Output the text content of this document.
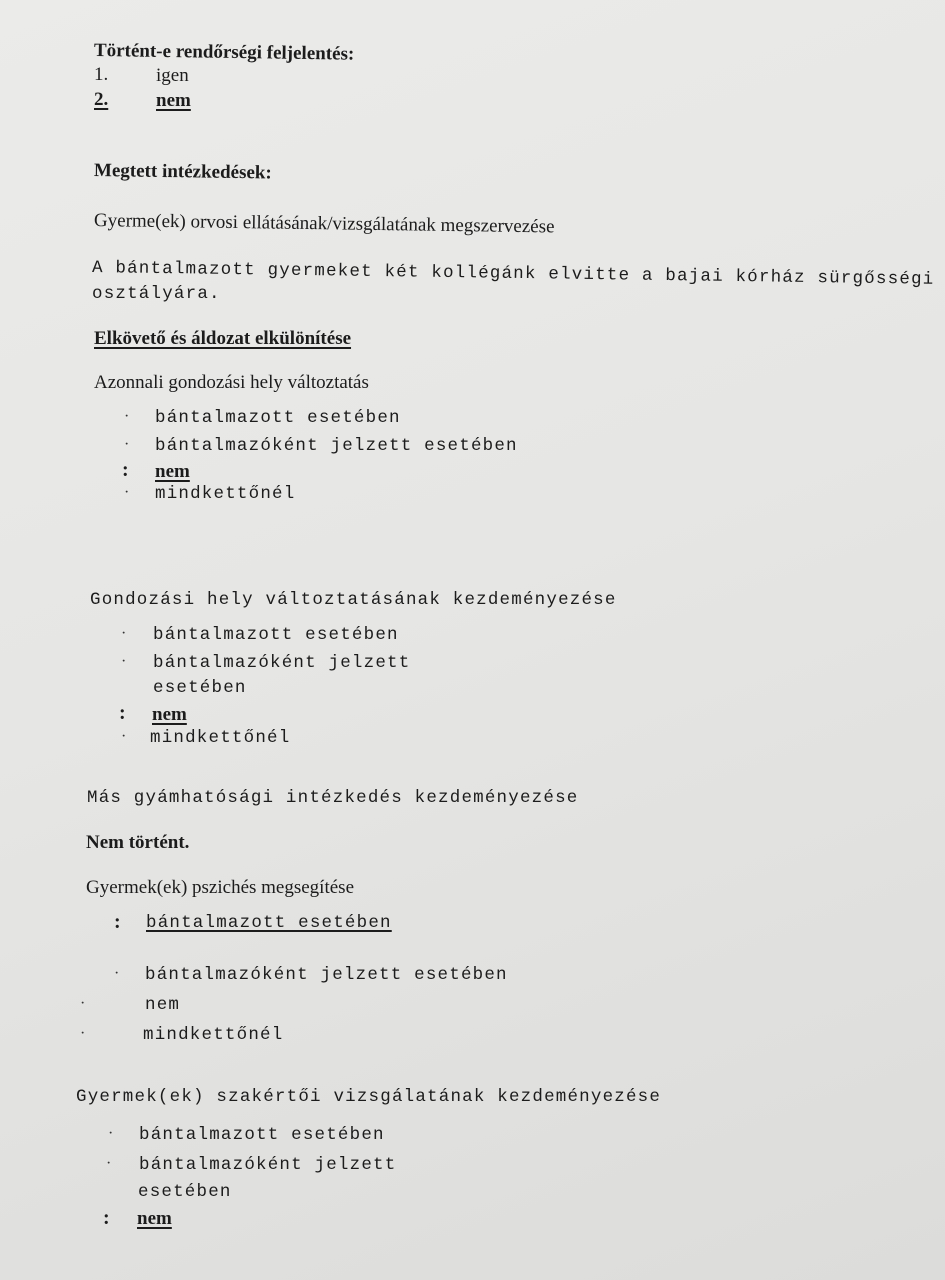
Történt-e rendőrségi feljelentés:
1.	igen
2.	nem
Megtett intézkedések:
Gyerme(ek) orvosi ellátásának/vizsgálatának megszervezése
A bántalmazott gyermeket két kollégánk elvitte a bajai kórház sürgősségi
osztályára.
Elkövető és áldozat elkülönítése
Azonnali gondozási hely változtatás
· bántalmazott esetében
· bántalmazóként jelzett esetében
: nem
· mindkettőnél
Gondozási hely változtatásának kezdeményezése
· bántalmazott esetében
· bántalmazóként jelzett
esetében
: nem
· mindkettőnél
Más gyámhatósági intézkedés kezdeményezése
Nem történt.
Gyermek(ek) pszichés megsegítése
: bántalmazott esetében
· bántalmazóként jelzett esetében
·	nem
·	mindkettőnél
Gyermek(ek) szakértői vizsgálatának kezdeményezése
· bántalmazott esetében
· bántalmazóként jelzett
esetében
: nem
